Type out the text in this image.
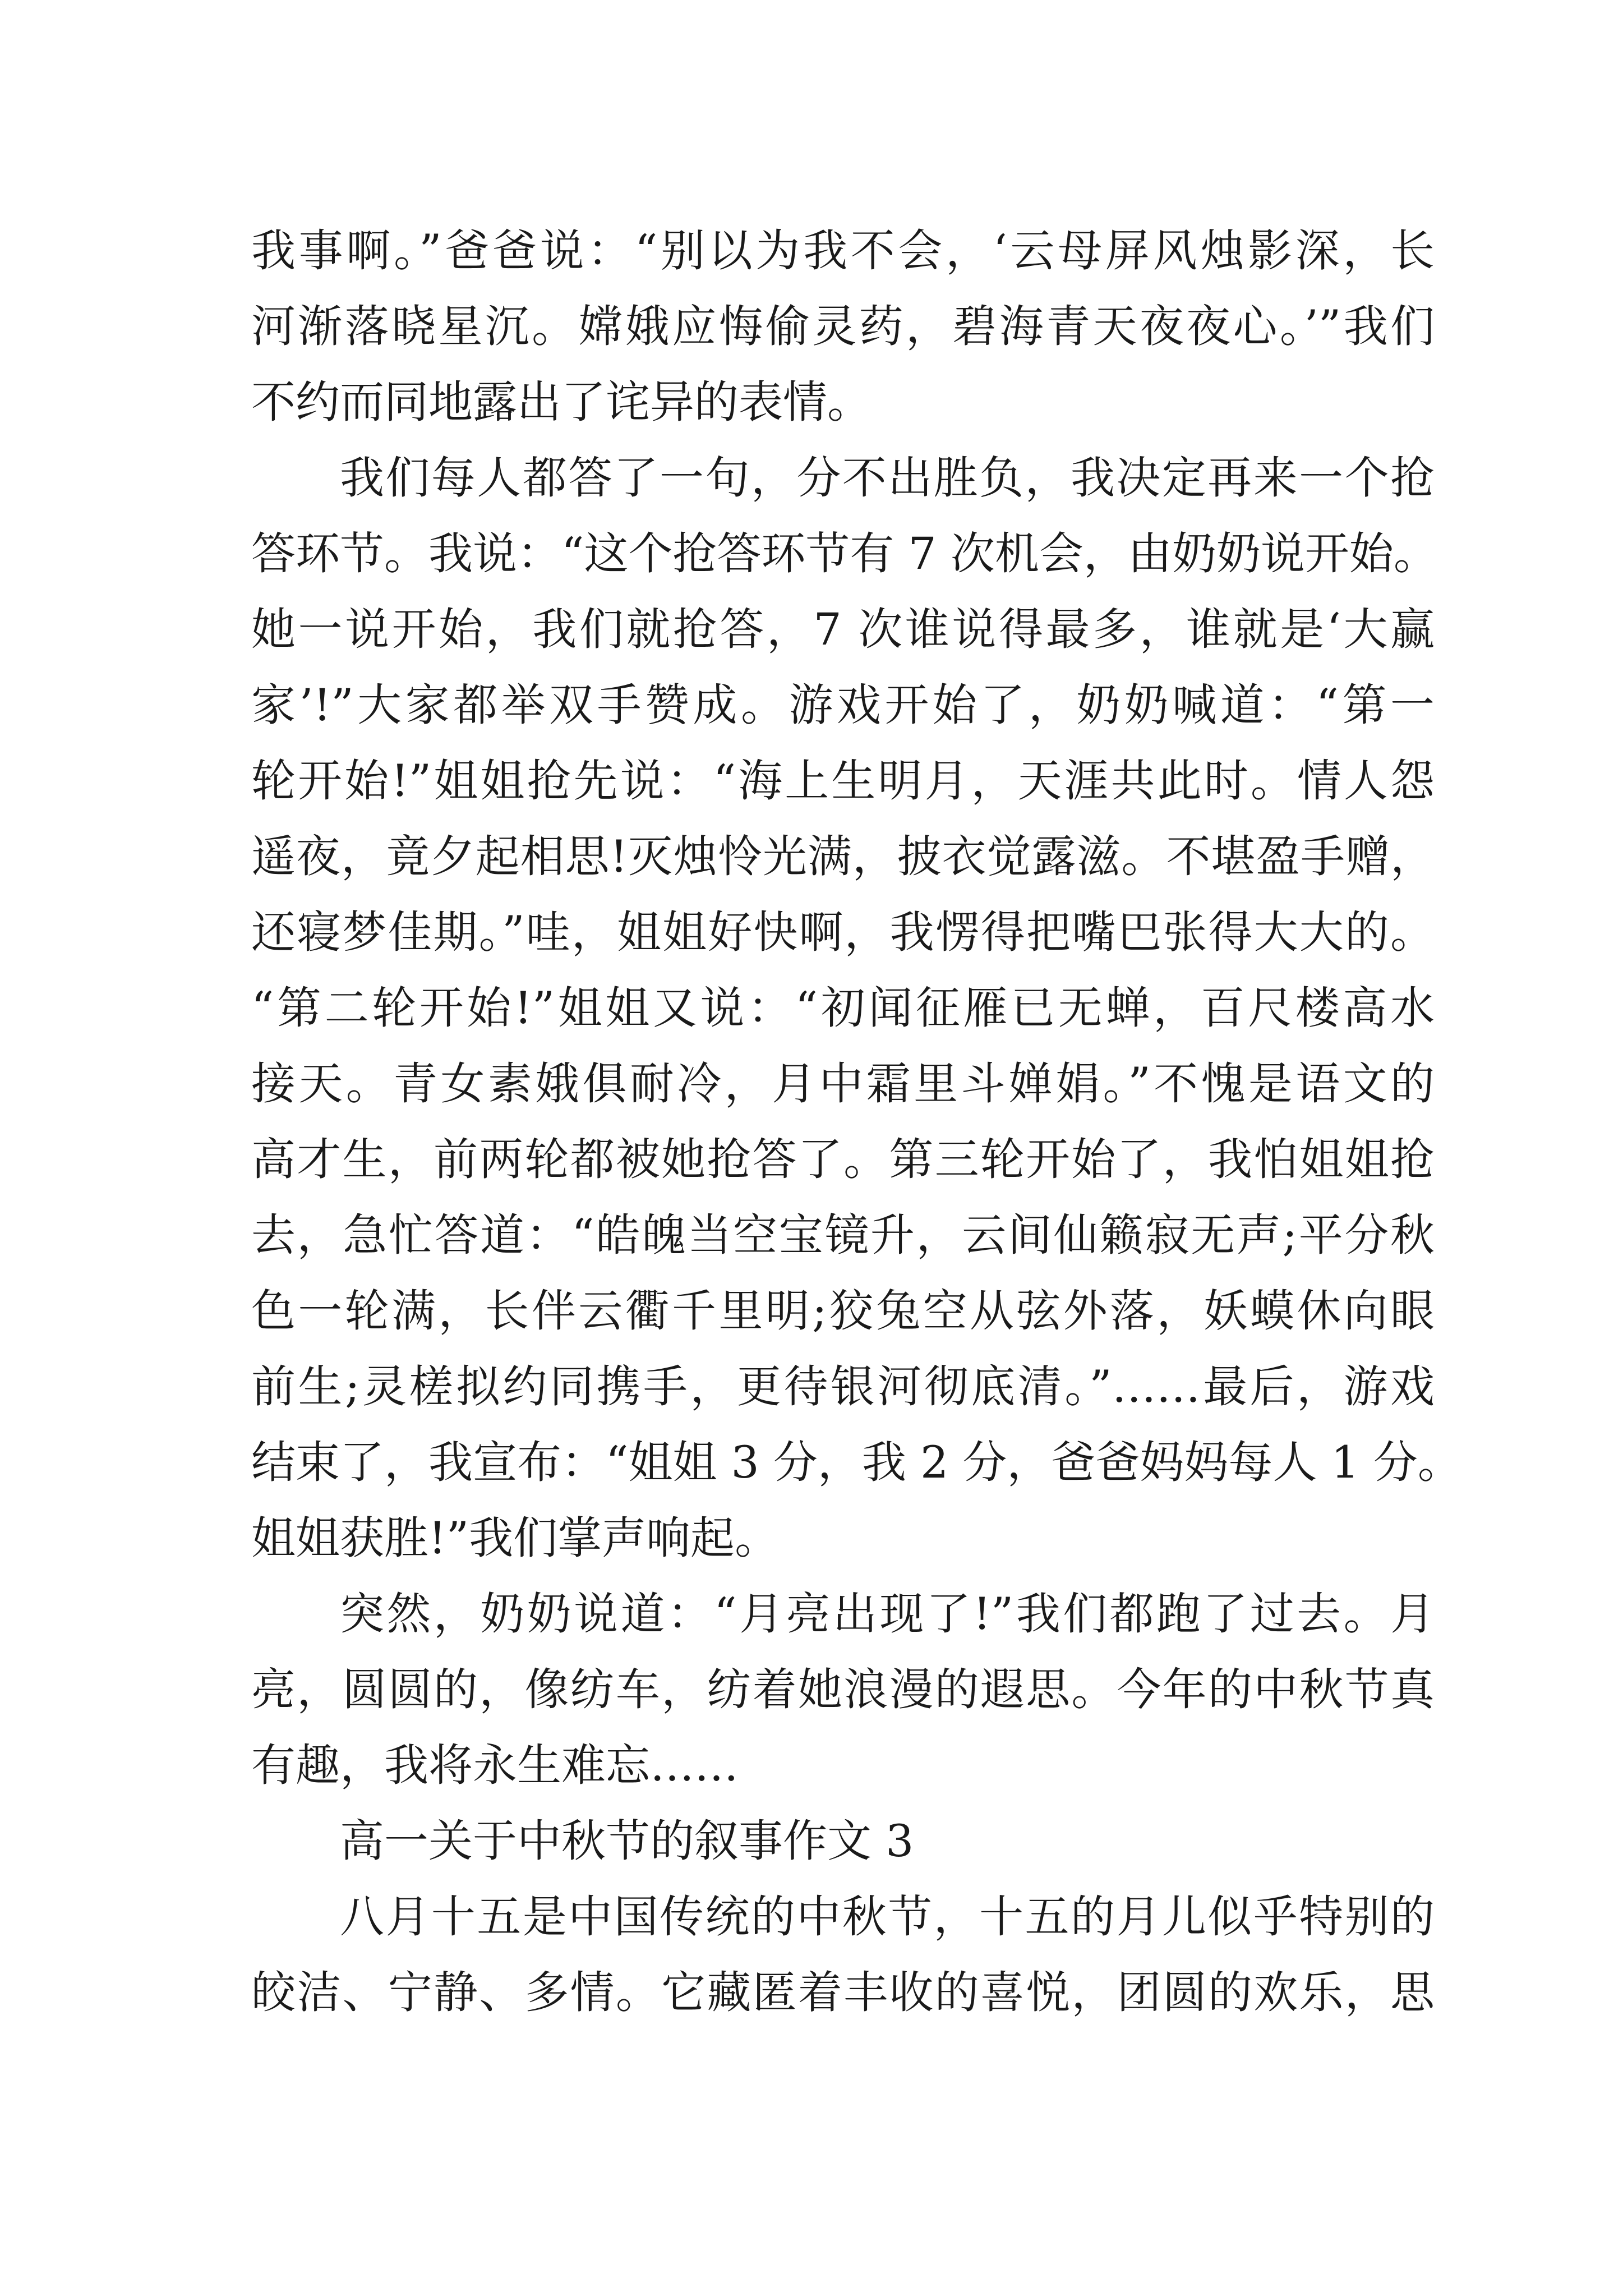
我事啊。”爸爸说：“别以为我不会，‘云母屏风烛影深，长
河渐落晓星沉。嫦娥应悔偷灵药，碧海青天夜夜心。’”我们
不约而同地露出了诧异的表情。
我们每人都答了一句，分不出胜负，我决定再来一个抢
答环节。我说：“这个抢答环节有 7 次机会，由奶奶说开始。
她一说开始，我们就抢答，7 次谁说得最多，谁就是‘大赢
家’!”大家都举双手赞成。游戏开始了，奶奶喊道：“第一
轮开始!”姐姐抢先说：“海上生明月，天涯共此时。情人怨
遥夜，竟夕起相思!灭烛怜光满，披衣觉露滋。不堪盈手赠，
还寝梦佳期。”哇，姐姐好快啊，我愣得把嘴巴张得大大的。
“第二轮开始!”姐姐又说：“初闻征雁已无蝉，百尺楼高水
接天。青女素娥俱耐冷，月中霜里斗婵娟。”不愧是语文的
高才生，前两轮都被她抢答了。第三轮开始了，我怕姐姐抢
去，急忙答道：“皓魄当空宝镜升，云间仙籁寂无声;平分秋
色一轮满，长伴云衢千里明;狡兔空从弦外落，妖蟆休向眼
前生;灵槎拟约同携手，更待银河彻底清。”……最后，游戏
结束了，我宣布：“姐姐 3 分，我 2 分，爸爸妈妈每人 1 分。
姐姐获胜!”我们掌声响起。
突然，奶奶说道：“月亮出现了!”我们都跑了过去。月
亮，圆圆的，像纺车，纺着她浪漫的遐思。今年的中秋节真
有趣，我将永生难忘……
高一关于中秋节的叙事作文 3
八月十五是中国传统的中秋节，十五的月儿似乎特别的
皎洁、宁静、多情。它藏匿着丰收的喜悦，团圆的欢乐，思
